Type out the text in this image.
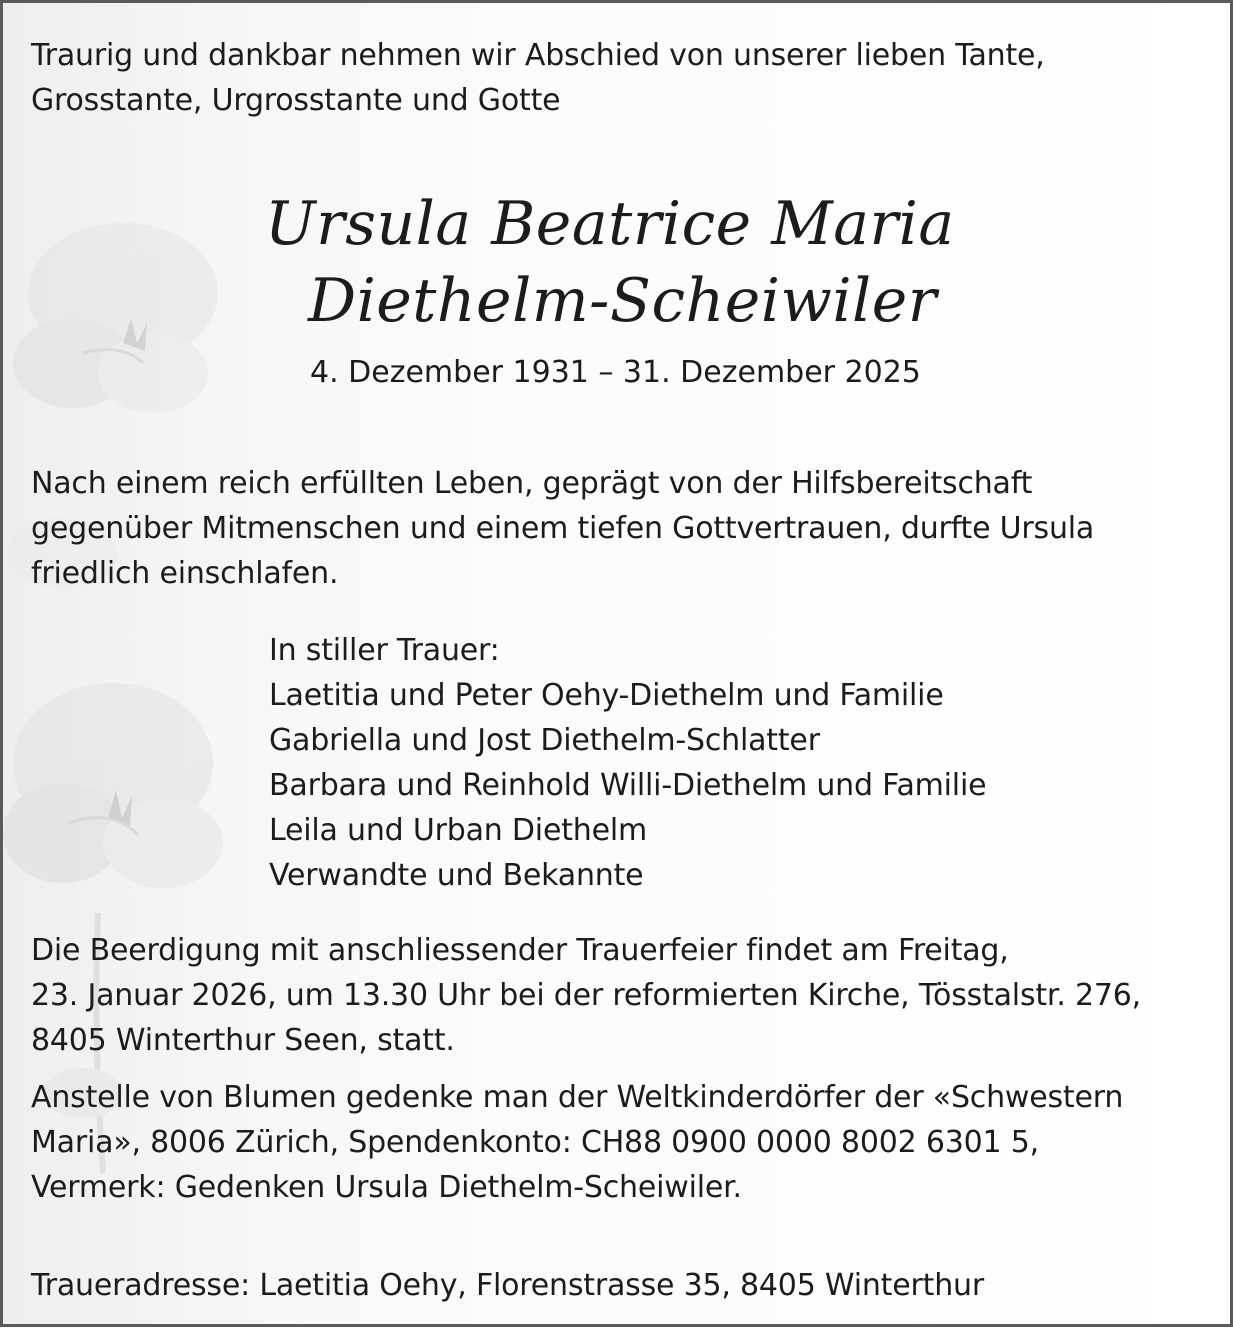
Traurig und dankbar nehmen wir Abschied von unserer lieben Tante,
Grosstante, Urgrosstante und Gotte

Ursula Beatrice Maria

Diethelm-Scheiwiler

4. Dezember 1931 – 31. Dezember 2025

Nach einem reich erfüllten Leben, geprägt von der Hilfsbereitschaft
gegenüber Mitmenschen und einem tiefen Gottvertrauen, durfte Ursula
friedlich einschlafen.

In stiller Trauer:
Laetitia und Peter Oehy-Diethelm und Familie
Gabriella und Jost Diethelm-Schlatter
Barbara und Reinhold Willi-Diethelm und Familie
Leila und Urban Diethelm
Verwandte und Bekannte

Die Beerdigung mit anschliessender Trauerfeier findet am Freitag,
23. Januar 2026, um 13.30 Uhr bei der reformierten Kirche, Tösstalstr. 276,
8405 Winterthur Seen, statt.

Anstelle von Blumen gedenke man der Weltkinderdörfer der «Schwestern
Maria», 8006 Zürich, Spendenkonto: CH88 0900 0000 8002 6301 5,
Vermerk: Gedenken Ursula Diethelm-Scheiwiler.

Traueradresse: Laetitia Oehy, Florenstrasse 35, 8405 Winterthur
